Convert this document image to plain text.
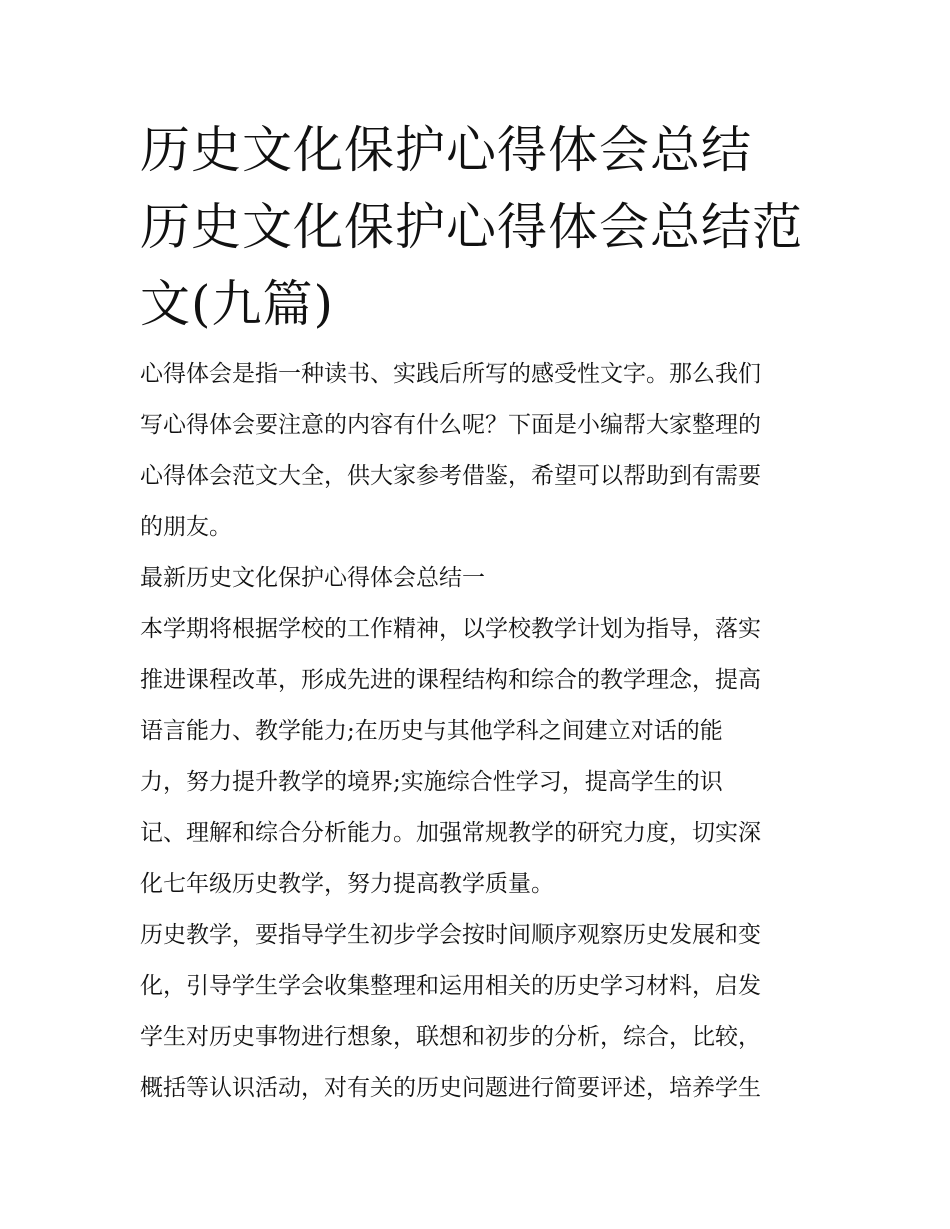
历史文化保护心得体会总结 历史文化保护心得体会总结范文(九篇)
心得体会是指一种读书、实践后所写的感受性文字。那么我们
写心得体会要注意的内容有什么呢？下面是小编帮大家整理的
心得体会范文大全，供大家参考借鉴，希望可以帮助到有需要
的朋友。
最新历史文化保护心得体会总结一
本学期将根据学校的工作精神，以学校教学计划为指导，落实
推进课程改革，形成先进的课程结构和综合的教学理念，提高
语言能力、教学能力;在历史与其他学科之间建立对话的能
力，努力提升教学的境界;实施综合性学习，提高学生的识
记、理解和综合分析能力。加强常规教学的研究力度，切实深
化七年级历史教学，努力提高教学质量。
历史教学，要指导学生初步学会按时间顺序观察历史发展和变
化，引导学生学会收集整理和运用相关的历史学习材料，启发
学生对历史事物进行想象，联想和初步的分析，综合，比较，
概括等认识活动，对有关的历史问题进行简要评述，培养学生
